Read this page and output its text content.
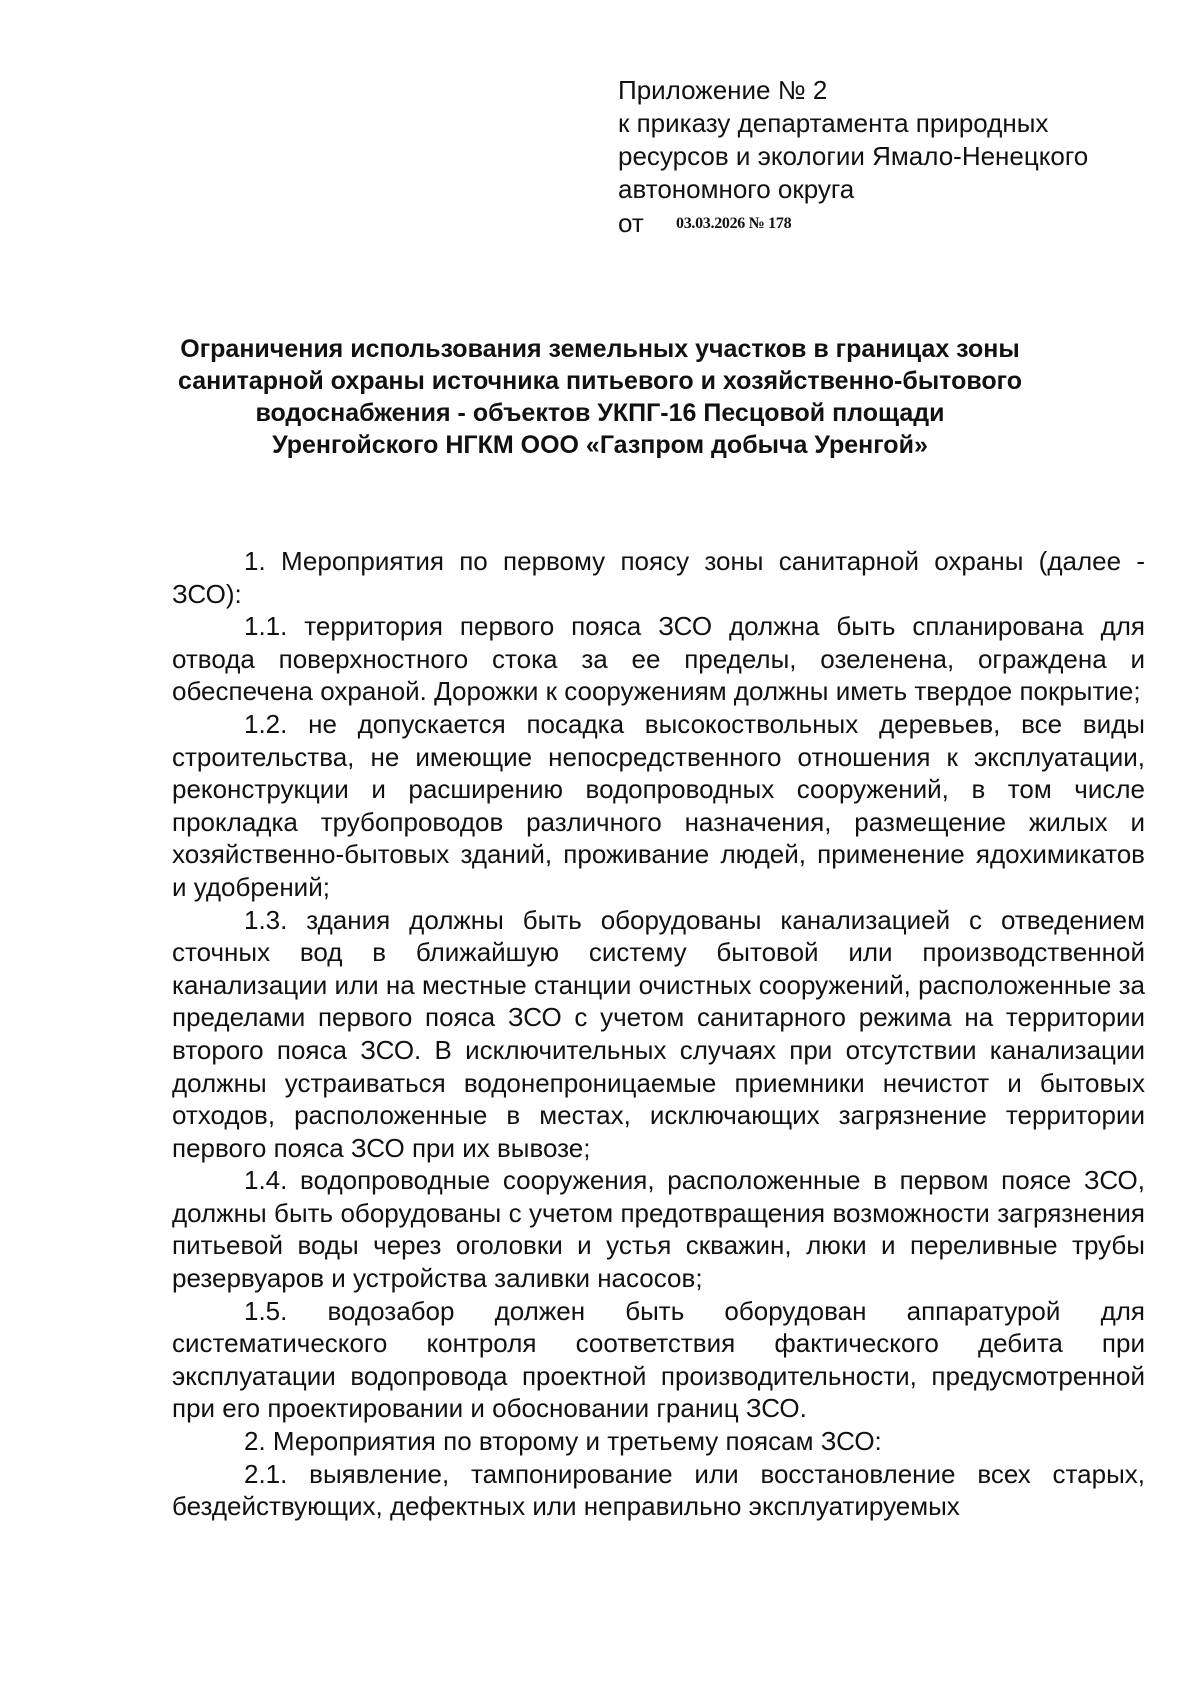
Приложение № 2
к приказу департамента природных
ресурсов и экологии Ямало-Ненецкого
автономного округа
от 03.03.2026 № 178
Ограничения использования земельных участков в границах зоны
санитарной охраны источника питьевого и хозяйственно-бытового
водоснабжения - объектов УКПГ-16 Песцовой площади
Уренгойского НГКМ ООО «Газпром добыча Уренгой»

1. Мероприятия по первому поясу зоны санитарной охраны (далее - ЗСО):

1.1. территория первого пояса ЗСО должна быть спланирована для отвода поверхностного стока за ее пределы, озеленена, ограждена и обеспечена охраной. Дорожки к сооружениям должны иметь твердое покрытие;

1.2. не допускается посадка высокоствольных деревьев, все виды строительства, не имеющие непосредственного отношения к эксплуатации, реконструкции и расширению водопроводных сооружений, в том числе прокладка трубопроводов различного назначения, размещение жилых и хозяйственно-бытовых зданий, проживание людей, применение ядохимикатов и удобрений;

1.3. здания должны быть оборудованы канализацией с отведением сточных вод в ближайшую систему бытовой или производственной канализации или на местные станции очистных сооружений, расположенные за пределами первого пояса ЗСО с учетом санитарного режима на территории второго пояса ЗСО. В исключительных случаях при отсутствии канализации должны устраиваться водонепроницаемые приемники нечистот и бытовых отходов, расположенные в местах, исключающих загрязнение территории первого пояса ЗСО при их вывозе;

1.4. водопроводные сооружения, расположенные в первом поясе ЗСО, должны быть оборудованы с учетом предотвращения возможности загрязнения питьевой воды через оголовки и устья скважин, люки и переливные трубы резервуаров и устройства заливки насосов;

1.5. водозабор должен быть оборудован аппаратурой для систематического контроля соответствия фактического дебита при эксплуатации водопровода проектной производительности, предусмотренной при его проектировании и обосновании границ ЗСО.

2. Мероприятия по второму и третьему поясам ЗСО:

2.1. выявление, тампонирование или восстановление всех старых, бездействующих, дефектных или неправильно эксплуатируемых
